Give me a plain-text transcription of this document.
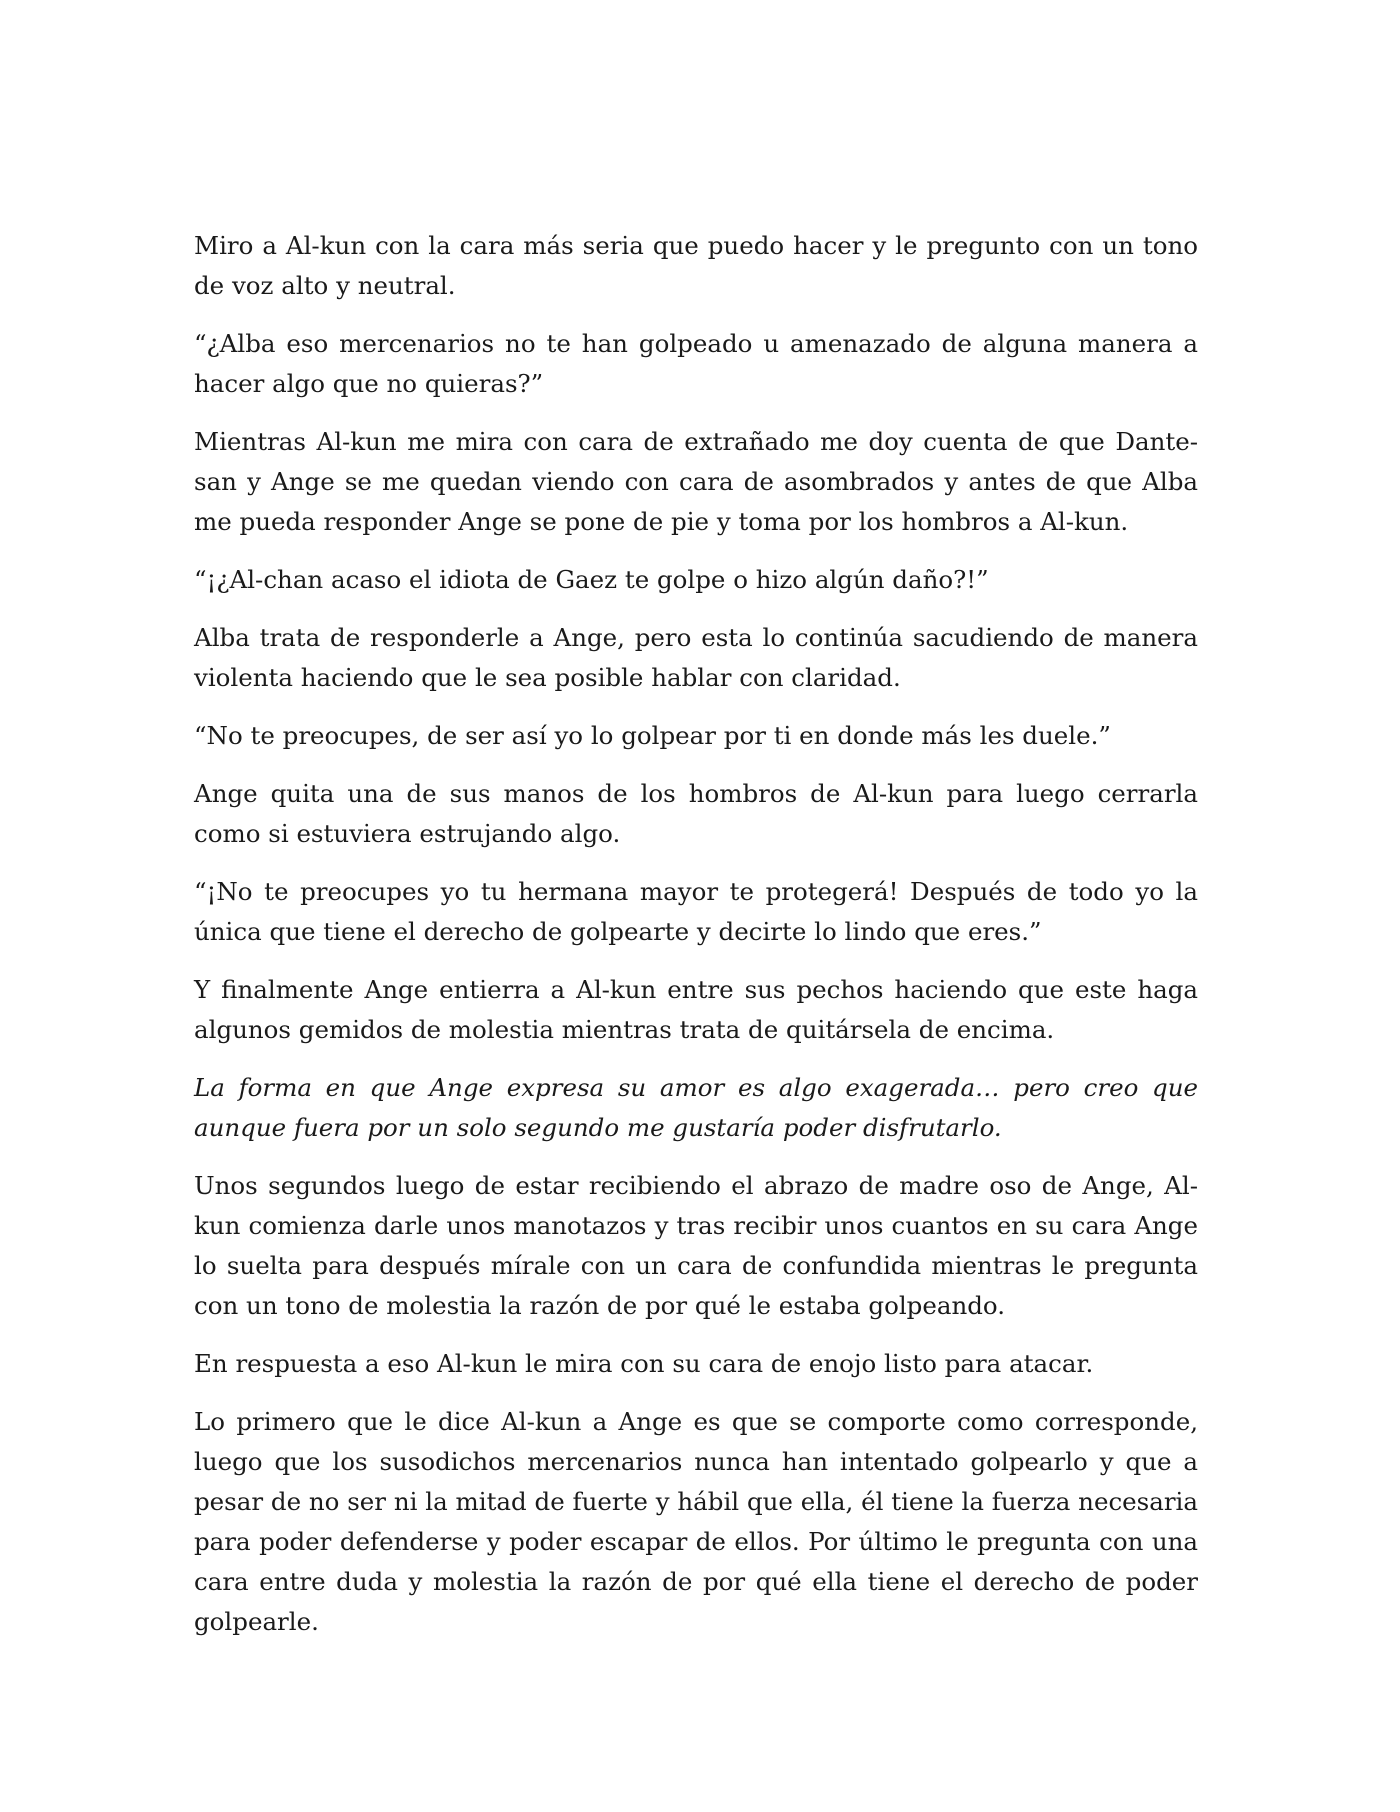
Miro a Al-kun con la cara más seria que puedo hacer y le pregunto con un tono de voz alto y neutral.

“¿Alba eso mercenarios no te han golpeado u amenazado de alguna manera a hacer algo que no quieras?”

Mientras Al-kun me mira con cara de extrañado me doy cuenta de que Dante-san y Ange se me quedan viendo con cara de asombrados y antes de que Alba me pueda responder Ange se pone de pie y toma por los hombros a Al-kun.

“¡¿Al-chan acaso el idiota de Gaez te golpe o hizo algún daño?!”

Alba trata de responderle a Ange, pero esta lo continúa sacudiendo de manera violenta haciendo que le sea posible hablar con claridad.

“No te preocupes, de ser así yo lo golpear por ti en donde más les duele.”

Ange quita una de sus manos de los hombros de Al-kun para luego cerrarla como si estuviera estrujando algo.

“¡No te preocupes yo tu hermana mayor te protegerá! Después de todo yo la única que tiene el derecho de golpearte y decirte lo lindo que eres.”

Y finalmente Ange entierra a Al-kun entre sus pechos haciendo que este haga algunos gemidos de molestia mientras trata de quitársela de encima.

La forma en que Ange expresa su amor es algo exagerada… pero creo que aunque fuera por un solo segundo me gustaría poder disfrutarlo.

Unos segundos luego de estar recibiendo el abrazo de madre oso de Ange, Al-kun comienza darle unos manotazos y tras recibir unos cuantos en su cara Ange lo suelta para después mírale con un cara de confundida mientras le pregunta con un tono de molestia la razón de por qué le estaba golpeando.

En respuesta a eso Al-kun le mira con su cara de enojo listo para atacar.

Lo primero que le dice Al-kun a Ange es que se comporte como corresponde, luego que los susodichos mercenarios nunca han intentado golpearlo y que a pesar de no ser ni la mitad de fuerte y hábil que ella, él tiene la fuerza necesaria para poder defenderse y poder escapar de ellos. Por último le pregunta con una cara entre duda y molestia la razón de por qué ella tiene el derecho de poder golpearle.
